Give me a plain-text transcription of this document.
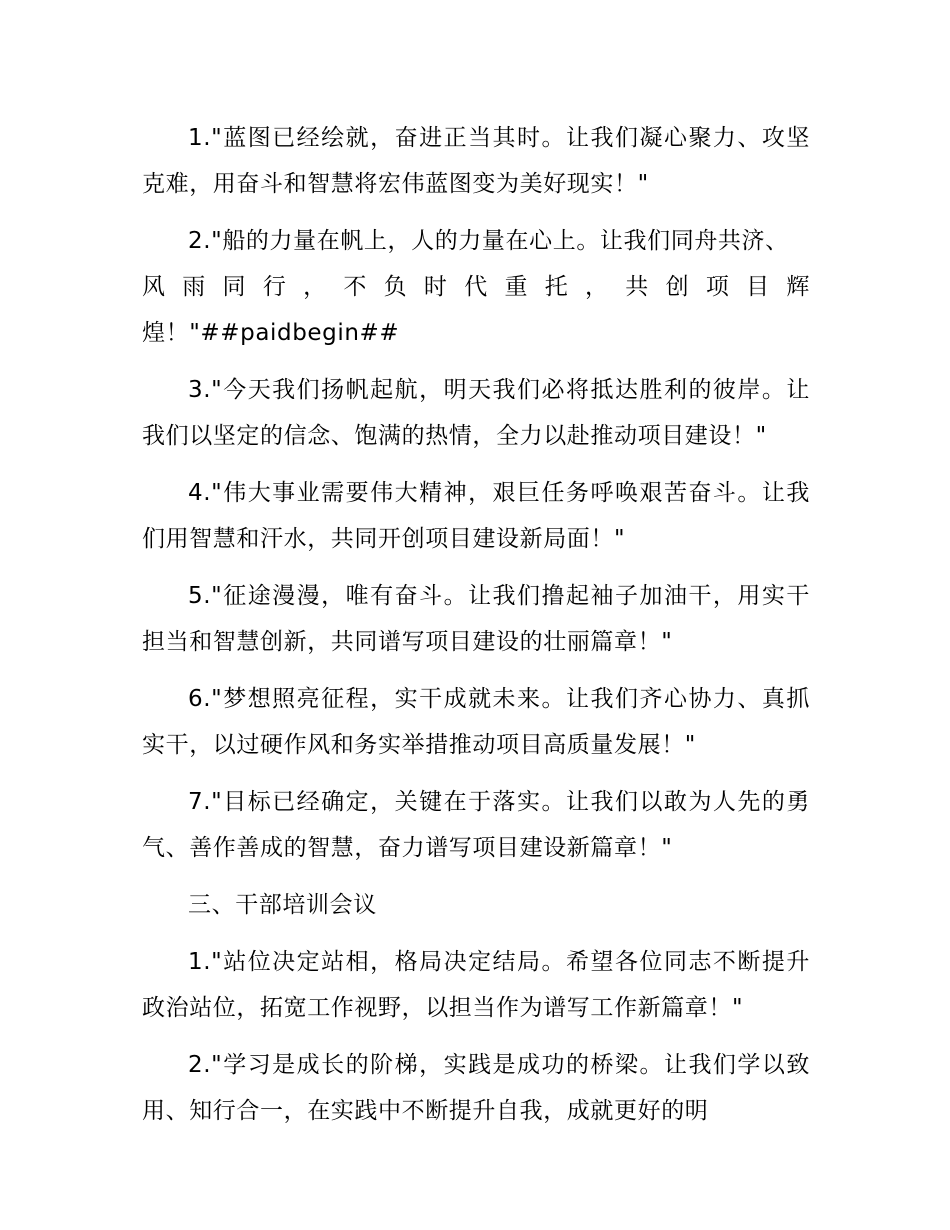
1."蓝图已经绘就，奋进正当其时。让我们凝心聚力、攻坚克难，用奋斗和智慧将宏伟蓝图变为美好现实！"

2."船的力量在帆上，人的力量在心上。让我们同舟共济、
风 雨 同 行 ， 不 负 时 代 重 托 ， 共 创 项 目 辉
煌！"##paidbegin##

3."今天我们扬帆起航，明天我们必将抵达胜利的彼岸。让我们以坚定的信念、饱满的热情，全力以赴推动项目建设！"

4."伟大事业需要伟大精神，艰巨任务呼唤艰苦奋斗。让我们用智慧和汗水，共同开创项目建设新局面！"

5."征途漫漫，唯有奋斗。让我们撸起袖子加油干，用实干担当和智慧创新，共同谱写项目建设的壮丽篇章！"

6."梦想照亮征程，实干成就未来。让我们齐心协力、真抓实干，以过硬作风和务实举措推动项目高质量发展！"

7."目标已经确定，关键在于落实。让我们以敢为人先的勇气、善作善成的智慧，奋力谱写项目建设新篇章！"

三、干部培训会议

1."站位决定站相，格局决定结局。希望各位同志不断提升政治站位，拓宽工作视野，以担当作为谱写工作新篇章！"

2."学习是成长的阶梯，实践是成功的桥梁。让我们学以致用、知行合一，在实践中不断提升自我，成就更好的明
